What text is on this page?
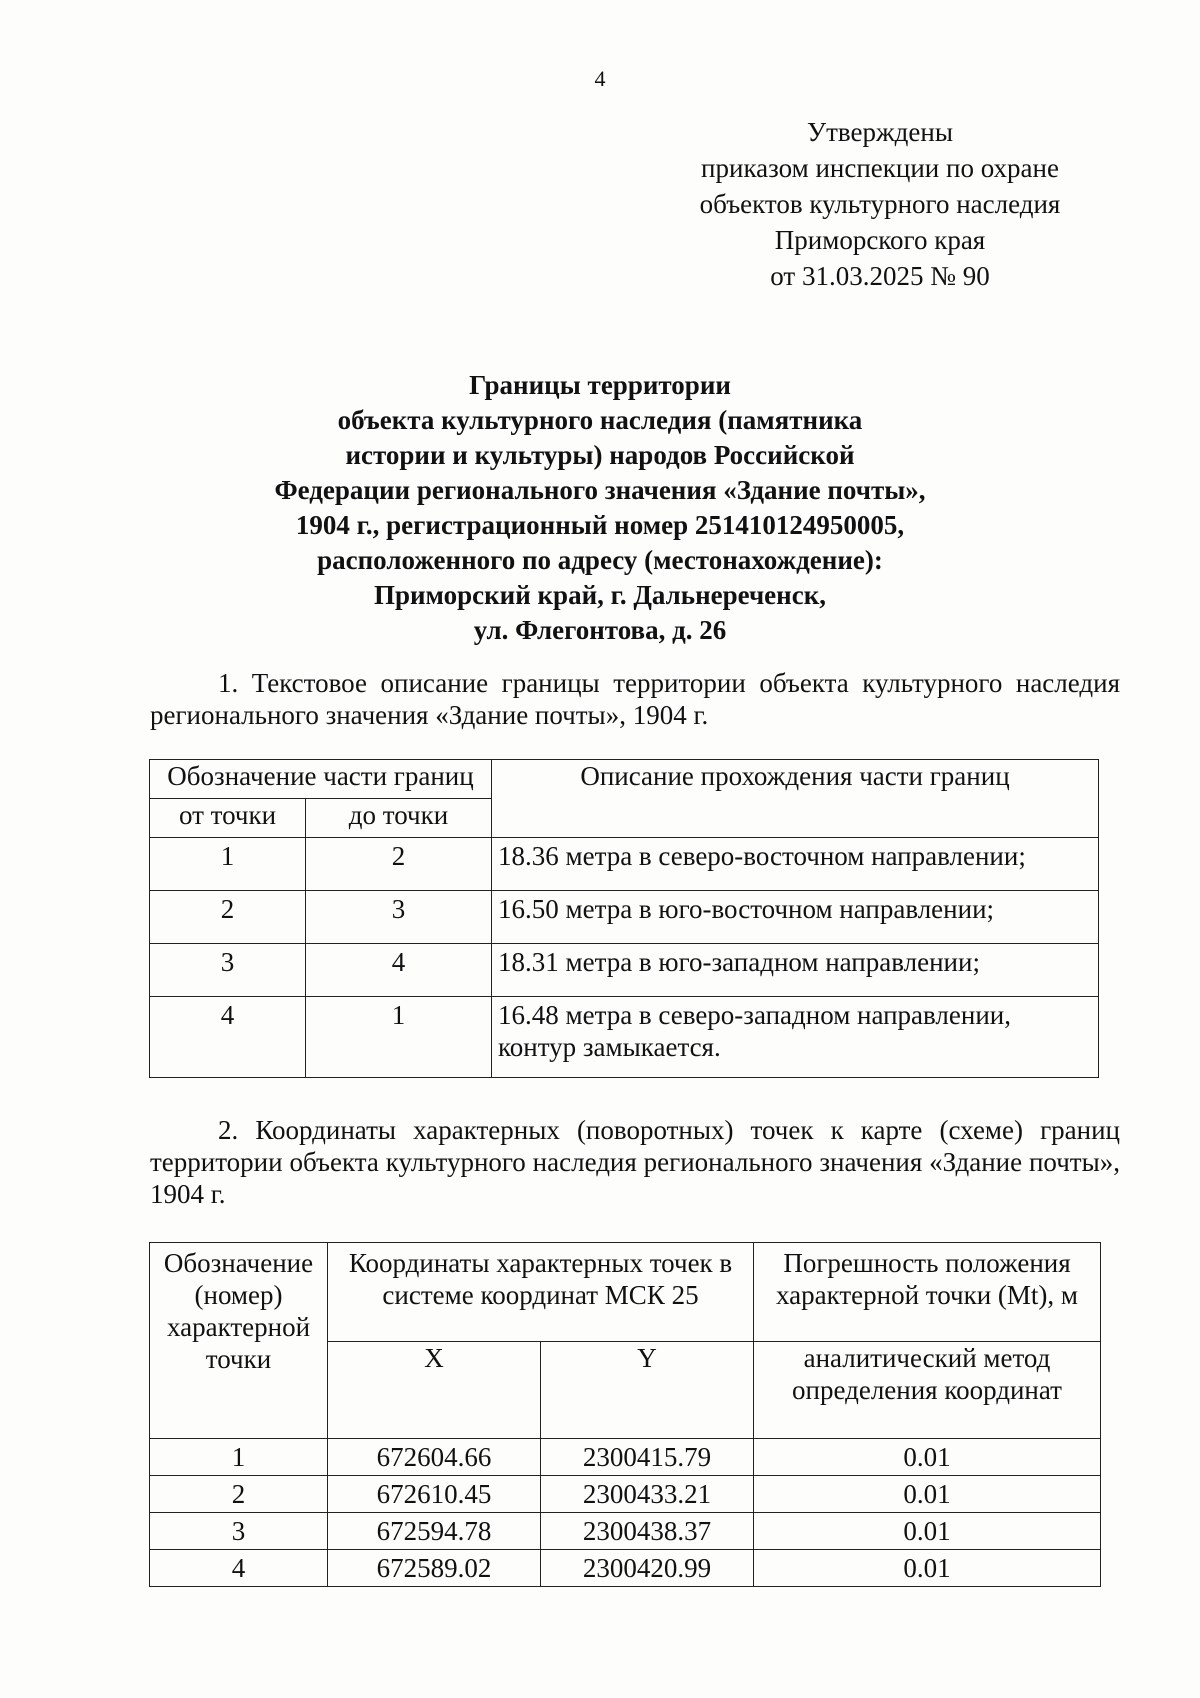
4
Утверждены
приказом инспекции по охране
объектов культурного наследия
Приморского края
от 31.03.2025 № 90
Границы территории
объекта культурного наследия (памятника
истории и культуры) народов Российской
Федерации регионального значения «Здание почты»,
1904 г., регистрационный номер 251410124950005,
расположенного по адресу (местонахождение):
Приморский край, г. Дальнереченск,
ул. Флегонтова, д. 26
1. Текстовое описание границы территории объекта культурного наследия регионального значения «Здание почты», 1904 г.
Обозначение части границ		Описание прохождения части границ
от точки	до точки	
1	2	18.36 метра в северо-восточном направлении;
2	3	16.50 метра в юго-восточном направлении;
3	4	18.31 метра в юго-западном направлении;
4	1	16.48 метра в северо-западном направлении, контур замыкается.
2. Координаты характерных (поворотных) точек к карте (схеме) границ территории объекта культурного наследия регионального значения «Здание почты», 1904 г.
Обозначение (номер) характерной точки	Координаты характерных точек в системе координат МСК 25		Погрешность положения характерной точки (Mt), м
	X	Y	аналитический метод определения координат
1	672604.66	2300415.79	0.01
2	672610.45	2300433.21	0.01
3	672594.78	2300438.37	0.01
4	672589.02	2300420.99	0.01
